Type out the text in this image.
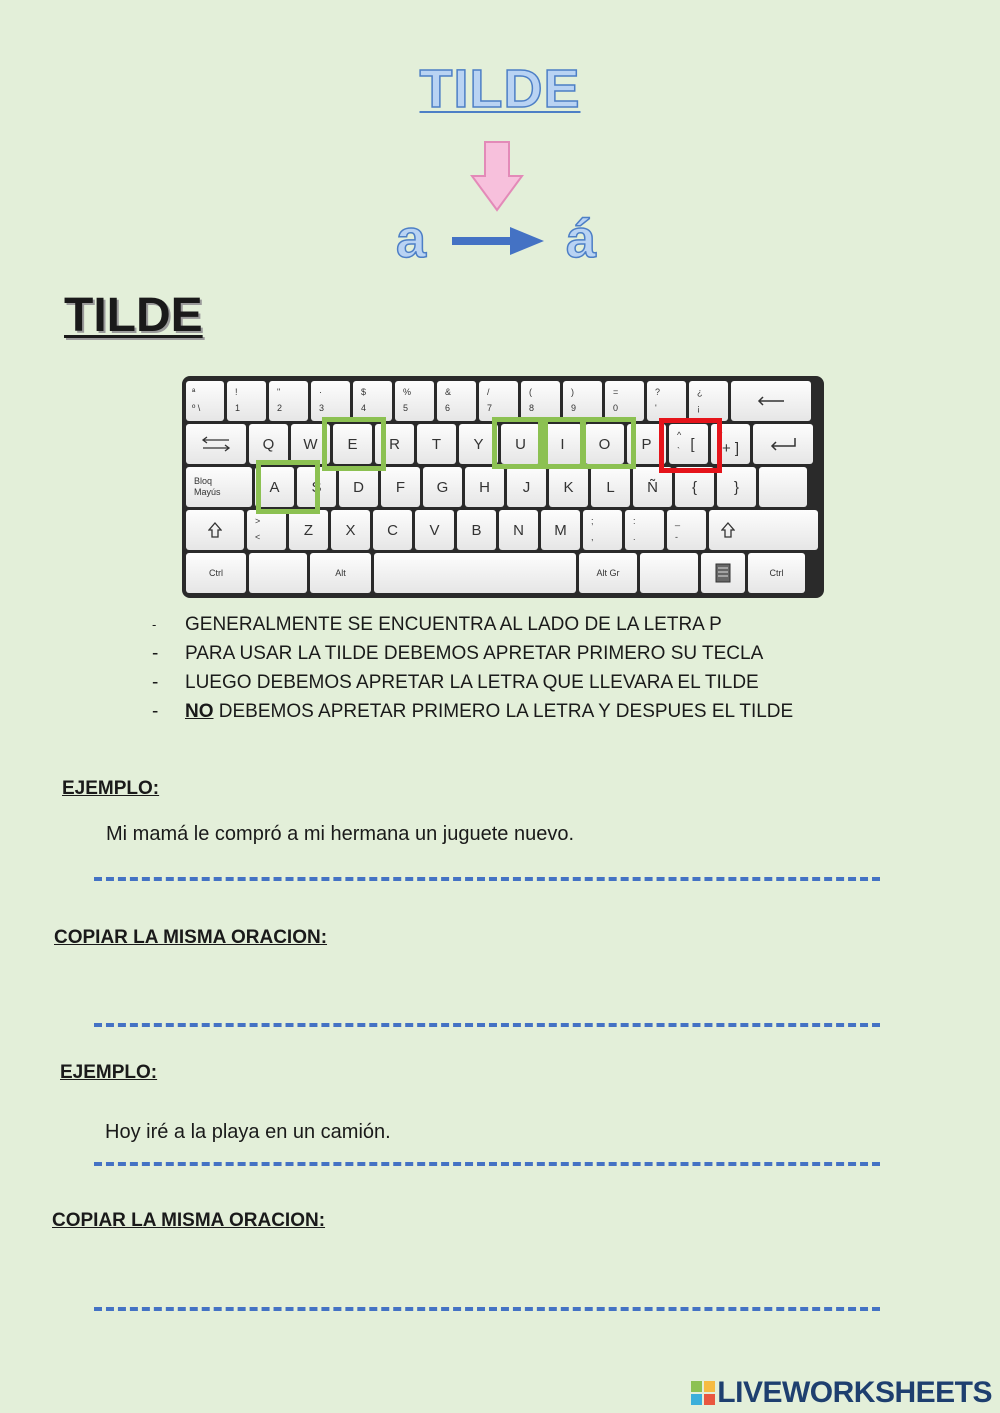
TILDE
a	á
TILDE
ª
º \
!
1
"
2
·
3
$
4
%
5
&
6
/
7
(
8
)
9
=
0
?
'
¿
¡
Q W E R T Y U I O P
^
` [
*
+ ]
Bloq
Mayús	A S D F G H J K L Ñ { }
>
<	Z X C V B N M
;
,
:
.
_
-
Ctrl	Alt	Alt Gr	Ctrl
-	GENERALMENTE SE ENCUENTRA AL LADO DE LA LETRA P
-	PARA USAR LA TILDE DEBEMOS APRETAR PRIMERO SU TECLA
-	LUEGO DEBEMOS APRETAR LA LETRA QUE LLEVARA EL TILDE
-	NO DEBEMOS APRETAR PRIMERO LA LETRA Y DESPUES EL TILDE
EJEMPLO:
Mi mamá le compró a mi hermana un juguete nuevo.
COPIAR LA MISMA ORACION:
EJEMPLO:
Hoy iré a la playa en un camión.
COPIAR LA MISMA ORACION:
LIVEWORKSHEETS
